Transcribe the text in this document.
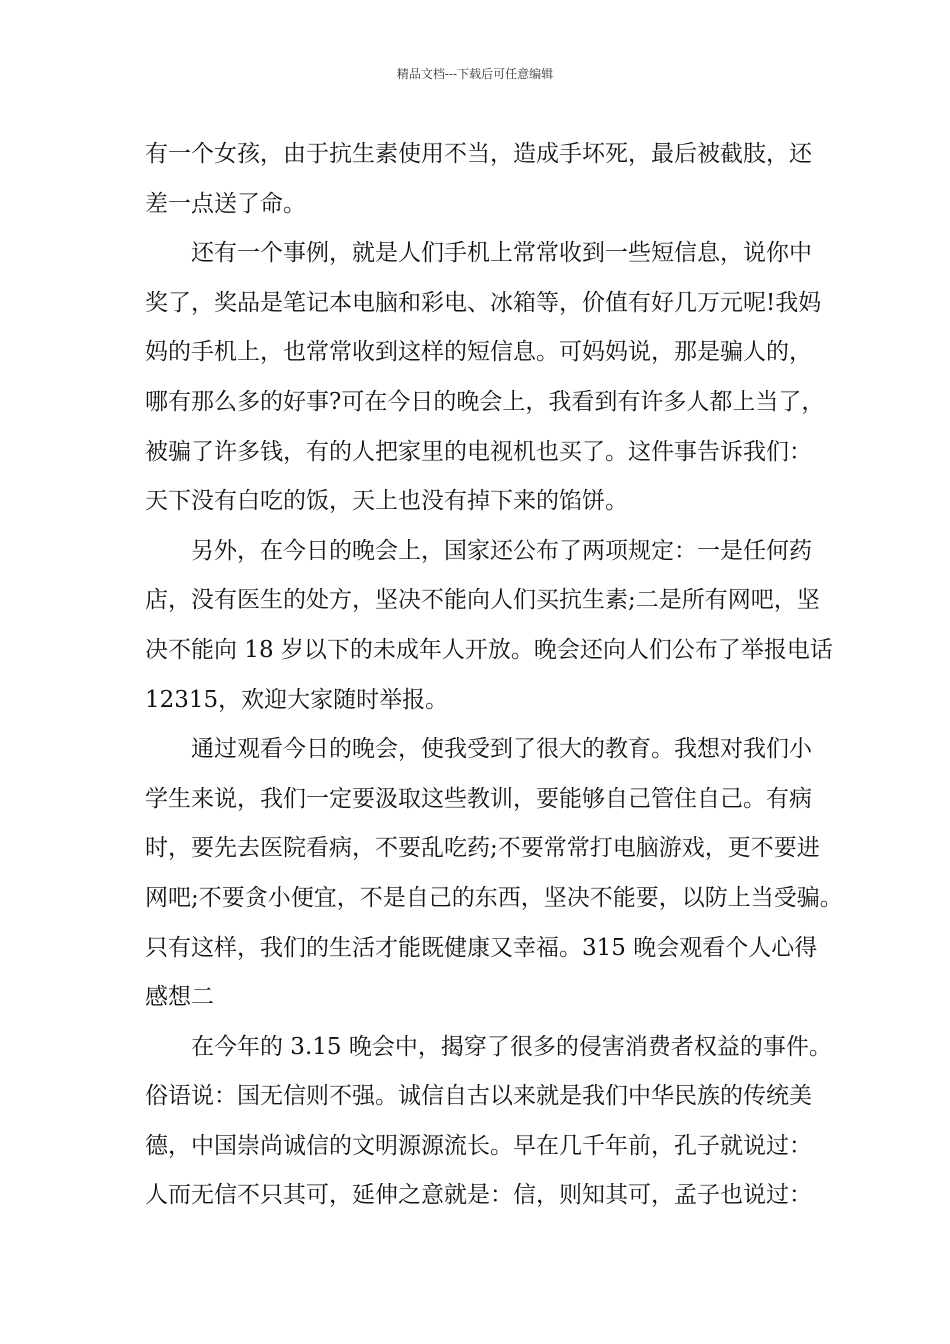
精品文档---下载后可任意编辑
有一个女孩，由于抗生素使用不当，造成手坏死，最后被截肢，还
差一点送了命。
还有一个事例，就是人们手机上常常收到一些短信息，说你中
奖了，奖品是笔记本电脑和彩电、冰箱等，价值有好几万元呢!我妈
妈的手机上，也常常收到这样的短信息。可妈妈说，那是骗人的，
哪有那么多的好事?可在今日的晚会上，我看到有许多人都上当了，
被骗了许多钱，有的人把家里的电视机也买了。这件事告诉我们：
天下没有白吃的饭，天上也没有掉下来的馅饼。
另外，在今日的晚会上，国家还公布了两项规定：一是任何药
店，没有医生的处方，坚决不能向人们买抗生素;二是所有网吧，坚
决不能向 18 岁以下的未成年人开放。晚会还向人们公布了举报电话
12315，欢迎大家随时举报。
通过观看今日的晚会，使我受到了很大的教育。我想对我们小
学生来说，我们一定要汲取这些教训，要能够自己管住自己。有病
时，要先去医院看病，不要乱吃药;不要常常打电脑游戏，更不要进
网吧;不要贪小便宜，不是自己的东西，坚决不能要，以防上当受骗。
只有这样，我们的生活才能既健康又幸福。315 晚会观看个人心得
感想二
在今年的 3.15 晚会中，揭穿了很多的侵害消费者权益的事件。
俗语说：国无信则不强。诚信自古以来就是我们中华民族的传统美
德，中国崇尚诚信的文明源源流长。早在几千年前，孔子就说过：
人而无信不只其可，延伸之意就是：信，则知其可，孟子也说过：
